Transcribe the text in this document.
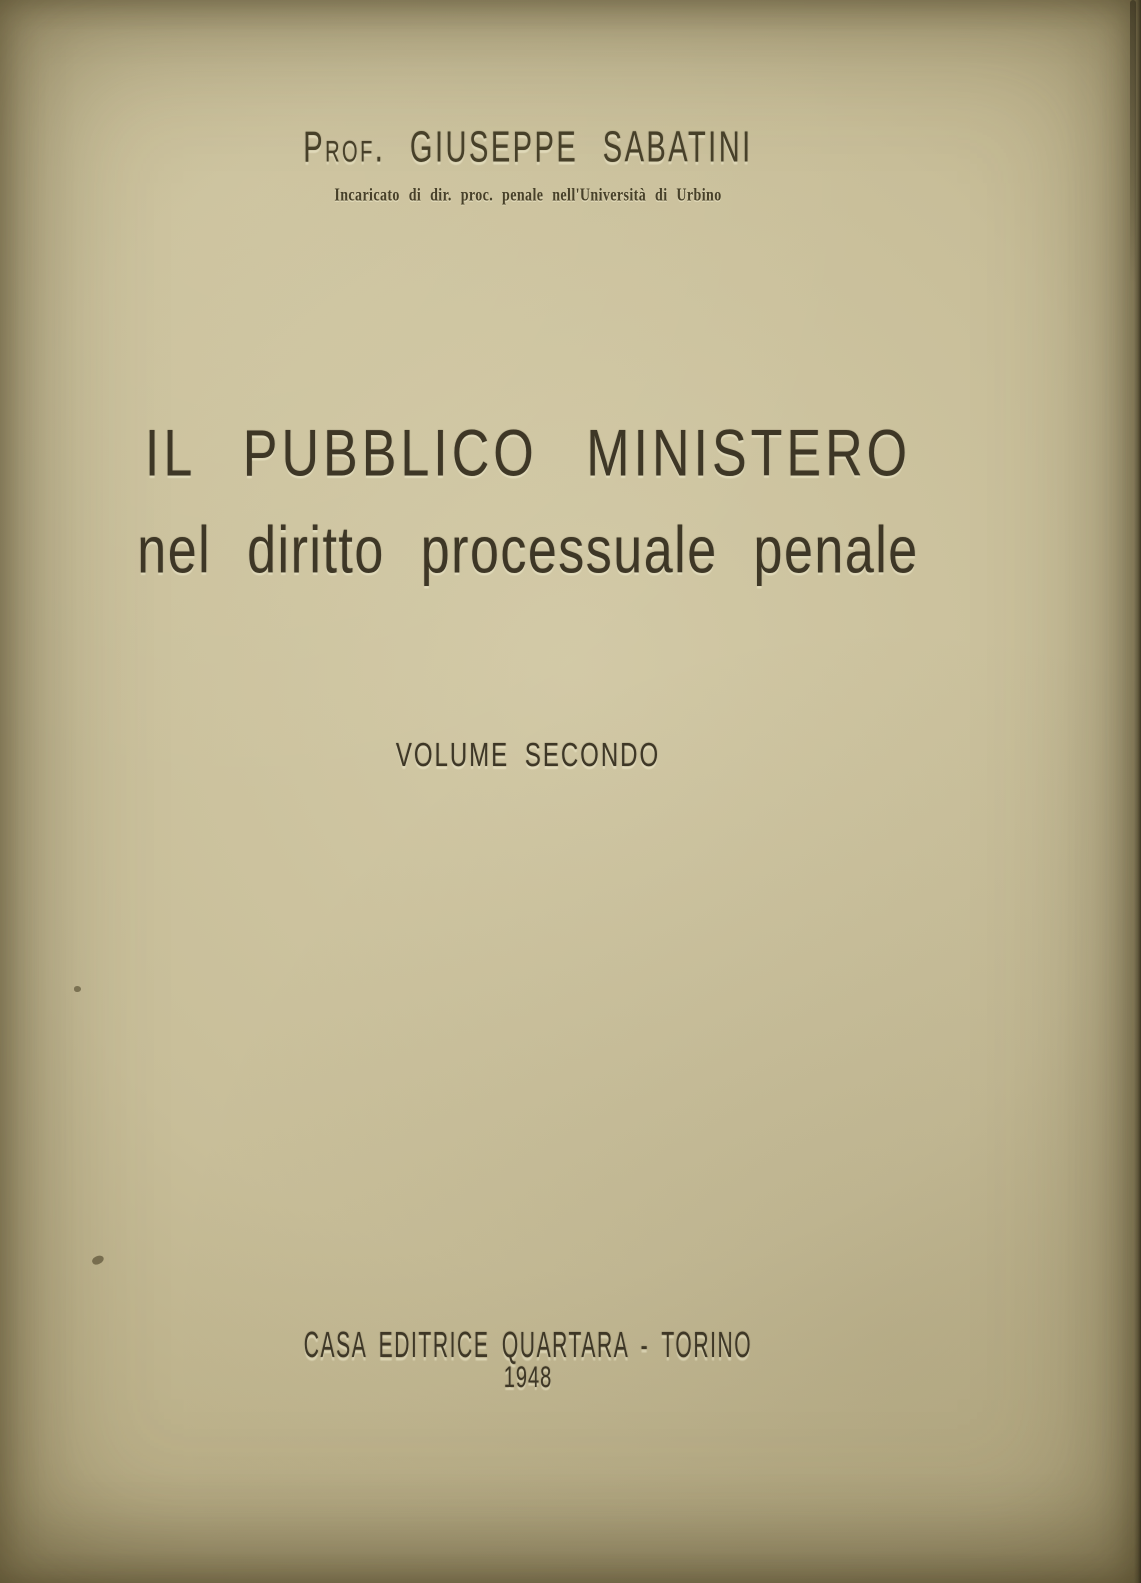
Prof. GIUSEPPE SABATINI
Incaricato di dir. proc. penale nell'Università di Urbino
IL PUBBLICO MINISTERO
nel diritto processuale penale
VOLUME SECONDO
CASA EDITRICE QUARTARA - TORINO
1948
